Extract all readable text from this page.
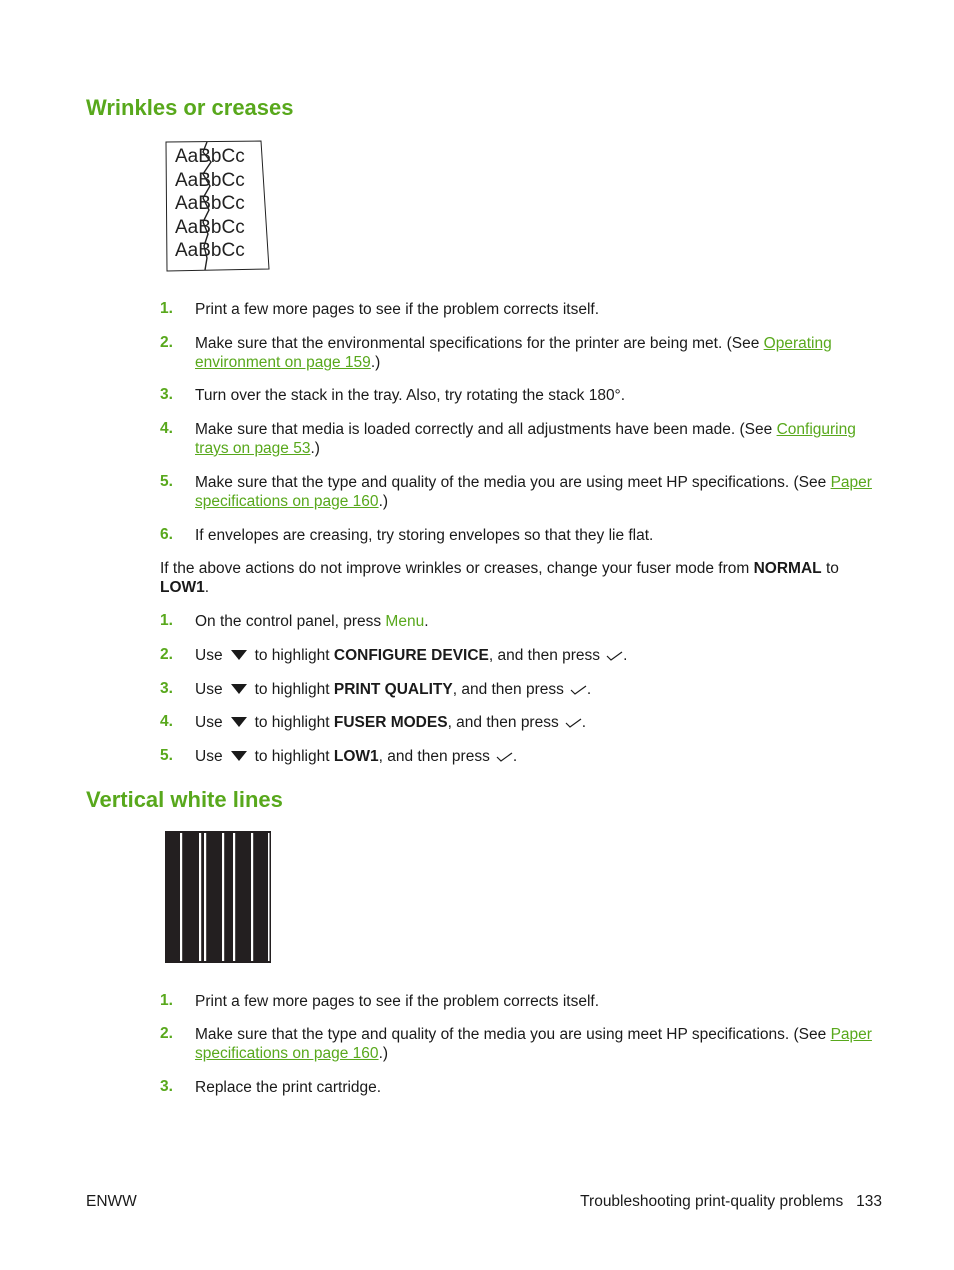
Wrinkles or creases
AaBbCc
AaBbCc
AaBbCc
AaBbCc
AaBbCc
1. Print a few more pages to see if the problem corrects itself.
2. Make sure that the environmental specifications for the printer are being met. (See Operating environment on page 159.)
3. Turn over the stack in the tray. Also, try rotating the stack 180°.
4. Make sure that media is loaded correctly and all adjustments have been made. (See Configuring trays on page 53.)
5. Make sure that the type and quality of the media you are using meet HP specifications. (See Paper specifications on page 160.)
6. If envelopes are creasing, try storing envelopes so that they lie flat.
If the above actions do not improve wrinkles or creases, change your fuser mode from NORMAL to LOW1.
1. On the control panel, press Menu.
2. Use to highlight CONFIGURE DEVICE, and then press .
3. Use to highlight PRINT QUALITY, and then press .
4. Use to highlight FUSER MODES, and then press .
5. Use to highlight LOW1, and then press .
Vertical white lines
1. Print a few more pages to see if the problem corrects itself.
2. Make sure that the type and quality of the media you are using meet HP specifications. (See Paper specifications on page 160.)
3. Replace the print cartridge.
ENWW	Troubleshooting print-quality problems 133
